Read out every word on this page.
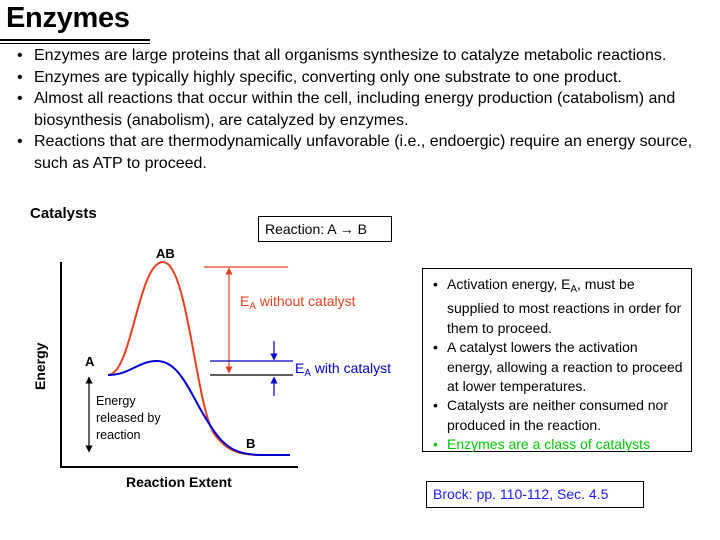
Enzymes
• Enzymes are large proteins that all organisms synthesize to catalyze metabolic reactions.
• Enzymes are typically highly specific, converting only one substrate to one product.
• Almost all reactions that occur within the cell, including energy production (catabolism) and biosynthesis (anabolism), are catalyzed by enzymes.
• Reactions that are thermodynamically unfavorable (i.e., endoergic) require an energy source, such as ATP to proceed.
Catalysts
Reaction: A → B
AB
A
B
Energy
Reaction Extent
Energy released by reaction
$E_A$ without catalyst
$E_A$ with catalyst
• Activation energy, $E_A$, must be supplied to most reactions in order for them to proceed.
• A catalyst lowers the activation energy, allowing a reaction to proceed at lower temperatures.
• Catalysts are neither consumed nor produced in the reaction.
• Enzymes are a class of catalysts
Brock: pp. 110-112, Sec. 4.5
